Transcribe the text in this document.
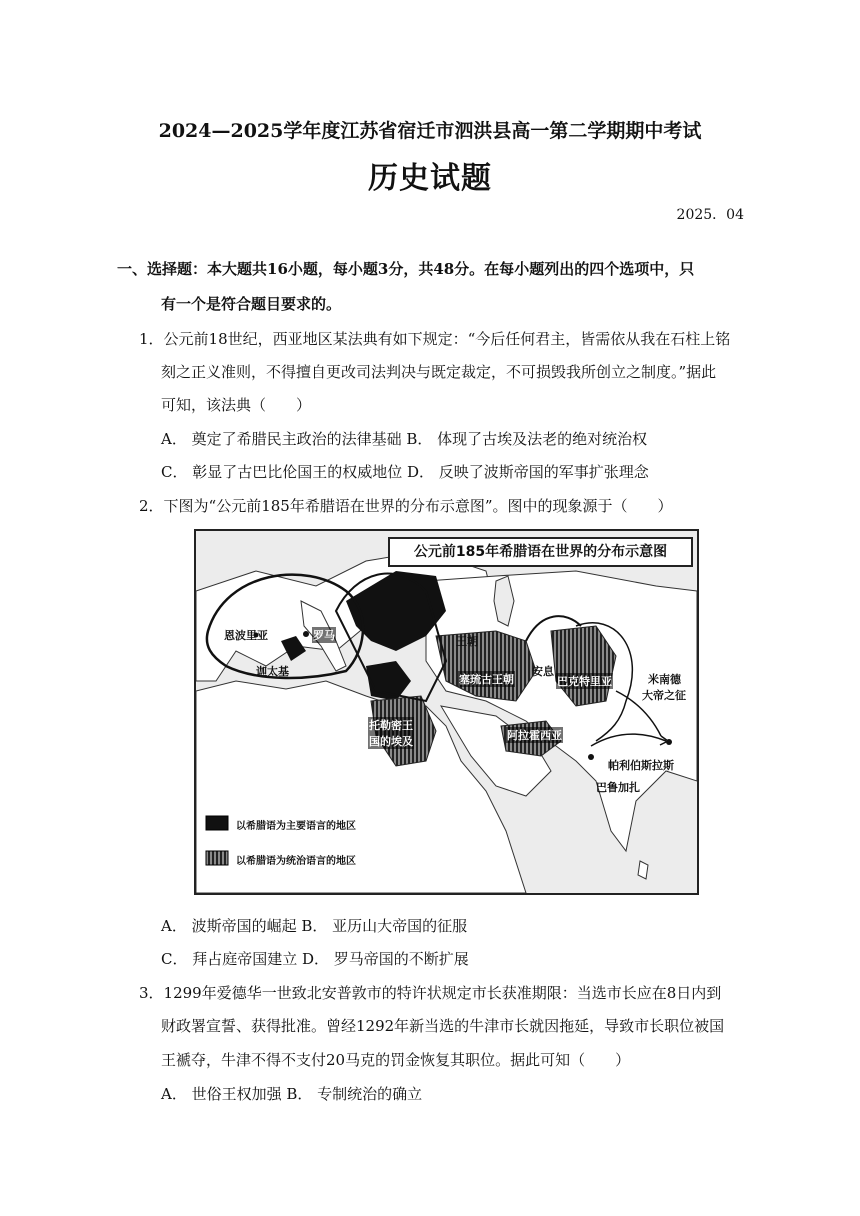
2024—2025学年度江苏省宿迁市泗洪县高一第二学期期中考试
历史试题
2025．04
一、选择题：本大题共16小题，每小题3分，共48分。在每小题列出的四个选项中，只
有一个是符合题目要求的。
1．公元前18世纪，西亚地区某法典有如下规定：“今后任何君主，皆需依从我在石柱上铭
刻之正义准则，不得擅自更改司法判决与既定裁定，不可损毁我所创立之制度。”据此
可知，该法典（　　）
A． 奠定了希腊民主政治的法律基础 B． 体现了古埃及法老的绝对统治权
C． 彰显了古巴比伦国王的权威地位 D． 反映了波斯帝国的军事扩张理念
2．下图为“公元前185年希腊语在世界的分布示意图”。图中的现象源于（　　）
公元前185年希腊语在世界的分布示意图
恩波里亚	罗马
迦太基
王朝
塞琉古王朝
安息
巴克特里亚	米南德
大帝之征
托勒密王
国的埃及	阿拉霍西亚
帕利伯斯拉斯
巴鲁加扎
以希腊语为主要语言的地区
以希腊语为统治语言的地区
A． 波斯帝国的崛起 B． 亚历山大帝国的征服
C． 拜占庭帝国建立 D． 罗马帝国的不断扩展
3．1299年爱德华一世致北安普敦市的特许状规定市长获准期限：当选市长应在8日内到
财政署宣誓、获得批准。曾经1292年新当选的牛津市长就因拖延，导致市长职位被国
王褫夺，牛津不得不支付20马克的罚金恢复其职位。据此可知（　　）
A． 世俗王权加强 B． 专制统治的确立
